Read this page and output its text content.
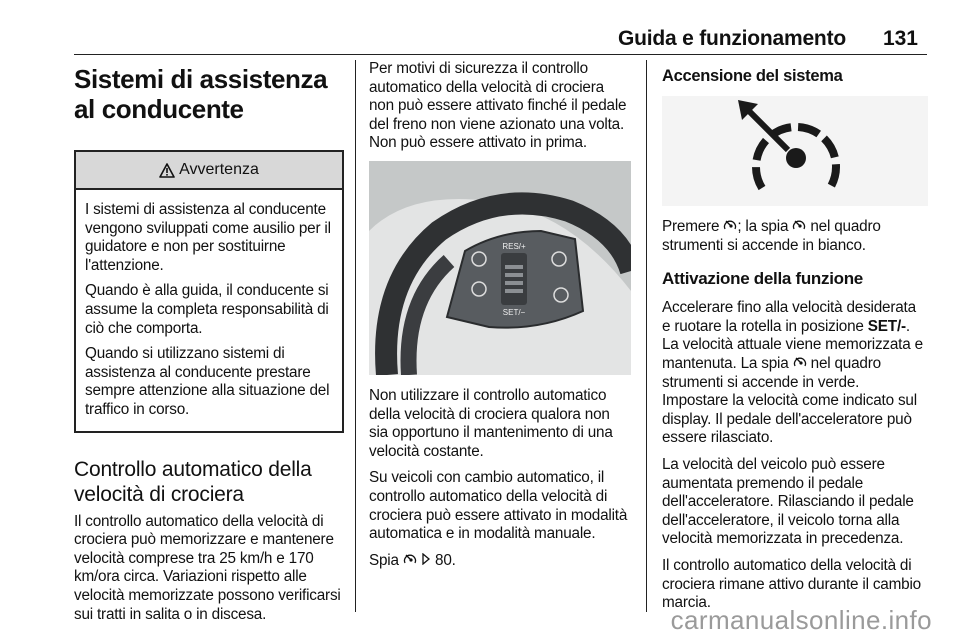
Guida e funzionamento 131
Sistemi di assistenza al conducente
Avvertenza

I sistemi di assistenza al conducente vengono sviluppati come ausilio per il guidatore e non per sostituirne l'attenzione.

Quando è alla guida, il conducente si assume la completa responsabilità di ciò che comporta.

Quando si utilizzano sistemi di assistenza al conducente prestare sempre attenzione alla situazione del traffico in corso.

Controllo automatico della velocità di crociera

Il controllo automatico della velocità di crociera può memorizzare e mantenere velocità comprese tra 25 km/h e 170 km/ora circa. Variazioni rispetto alle velocità memorizzate possono verificarsi sui tratti in salita o in discesa.

Per motivi di sicurezza il controllo automatico della velocità di crociera non può essere attivato finché il pedale del freno non viene azionato una volta. Non può essere attivato in prima.

RES/+
SET/−

Non utilizzare il controllo automatico della velocità di crociera qualora non sia opportuno il mantenimento di una velocità costante.

Su veicoli con cambio automatico, il controllo automatico della velocità di crociera può essere attivato in modalità automatica e in modalità manuale.

Spia 80.

Accensione del sistema

Premere ; la spia nel quadro strumenti si accende in bianco.

Attivazione della funzione

Accelerare fino alla velocità desiderata e ruotare la rotella in posizione SET/-. La velocità attuale viene memorizzata e mantenuta. La spia nel quadro strumenti si accende in verde. Impostare la velocità come indicato sul display. Il pedale dell'acceleratore può essere rilasciato.

La velocità del veicolo può essere aumentata premendo il pedale dell'acceleratore. Rilasciando il pedale dell'acceleratore, il veicolo torna alla velocità memorizzata in precedenza.

Il controllo automatico della velocità di crociera rimane attivo durante il cambio marcia.

carmanualsonline.info
